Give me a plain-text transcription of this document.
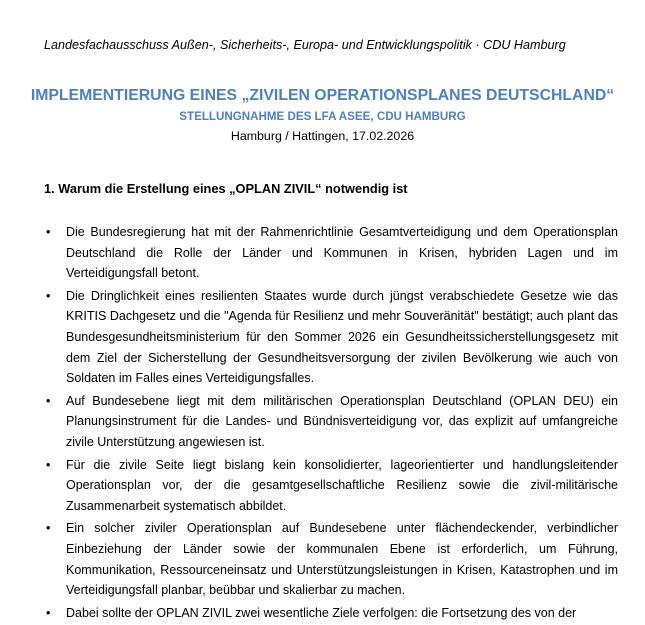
Landesfachausschuss Außen-, Sicherheits-, Europa- und Entwicklungspolitik · CDU Hamburg
IMPLEMENTIERUNG EINES „ZIVILEN OPERATIONSPLANES DEUTSCHLAND“
STELLUNGNAHME DES LFA ASEE, CDU HAMBURG
Hamburg / Hattingen, 17.02.2026
1. Warum die Erstellung eines „OPLAN ZIVIL“ notwendig ist
• Die Bundesregierung hat mit der Rahmenrichtlinie Gesamtverteidigung und dem Operationsplan Deutschland die Rolle der Länder und Kommunen in Krisen, hybriden Lagen und im Verteidigungsfall betont.
• Die Dringlichkeit eines resilienten Staates wurde durch jüngst verabschiedete Gesetze wie das KRITIS Dachgesetz und die "Agenda für Resilienz und mehr Souveränität" bestätigt; auch plant das Bundesgesundheitsministerium für den Sommer 2026 ein Gesundheitssicherstellungsgesetz mit dem Ziel der Sicherstellung der Gesundheitsversorgung der zivilen Bevölkerung wie auch von Soldaten im Falles eines Verteidigungsfalles.
• Auf Bundesebene liegt mit dem militärischen Operationsplan Deutschland (OPLAN DEU) ein Planungsinstrument für die Landes- und Bündnisverteidigung vor, das explizit auf umfangreiche zivile Unterstützung angewiesen ist.
• Für die zivile Seite liegt bislang kein konsolidierter, lageorientierter und handlungsleitender Operationsplan vor, der die gesamtgesellschaftliche Resilienz sowie die zivil-militärische Zusammenarbeit systematisch abbildet.
• Ein solcher ziviler Operationsplan auf Bundesebene unter flächendeckender, verbindlicher Einbeziehung der Länder sowie der kommunalen Ebene ist erforderlich, um Führung, Kommunikation, Ressourceneinsatz und Unterstützungsleistungen in Krisen, Katastrophen und im Verteidigungsfall planbar, beübbar und skalierbar zu machen.
• Dabei sollte der OPLAN ZIVIL zwei wesentliche Ziele verfolgen: die Fortsetzung des von der
